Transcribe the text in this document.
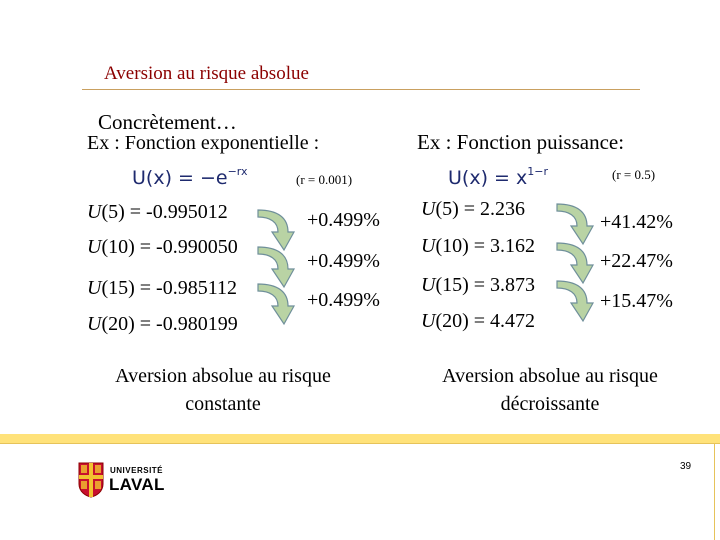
Aversion au risque absolue
Concrètement…
Ex : Fonction exponentielle :
$U(x) = -e^{-rx}$
(r = 0.001)
U(5) = -0.995012
U(10) = -0.990050
U(15) = -0.985112
U(20) = -0.980199
+0.499%
+0.499%
+0.499%
Aversion absolue au risque constante
Ex : Fonction puissance:
$U(x) = x^{1-r}$	(r = 0.5)
U(5) = 2.236
U(10) = 3.162
U(15) = 3.873
U(20) = 4.472
+41.42%
+22.47%
+15.47%
Aversion absolue au risque décroissante
UNIVERSITÉ
LAVAL
39
